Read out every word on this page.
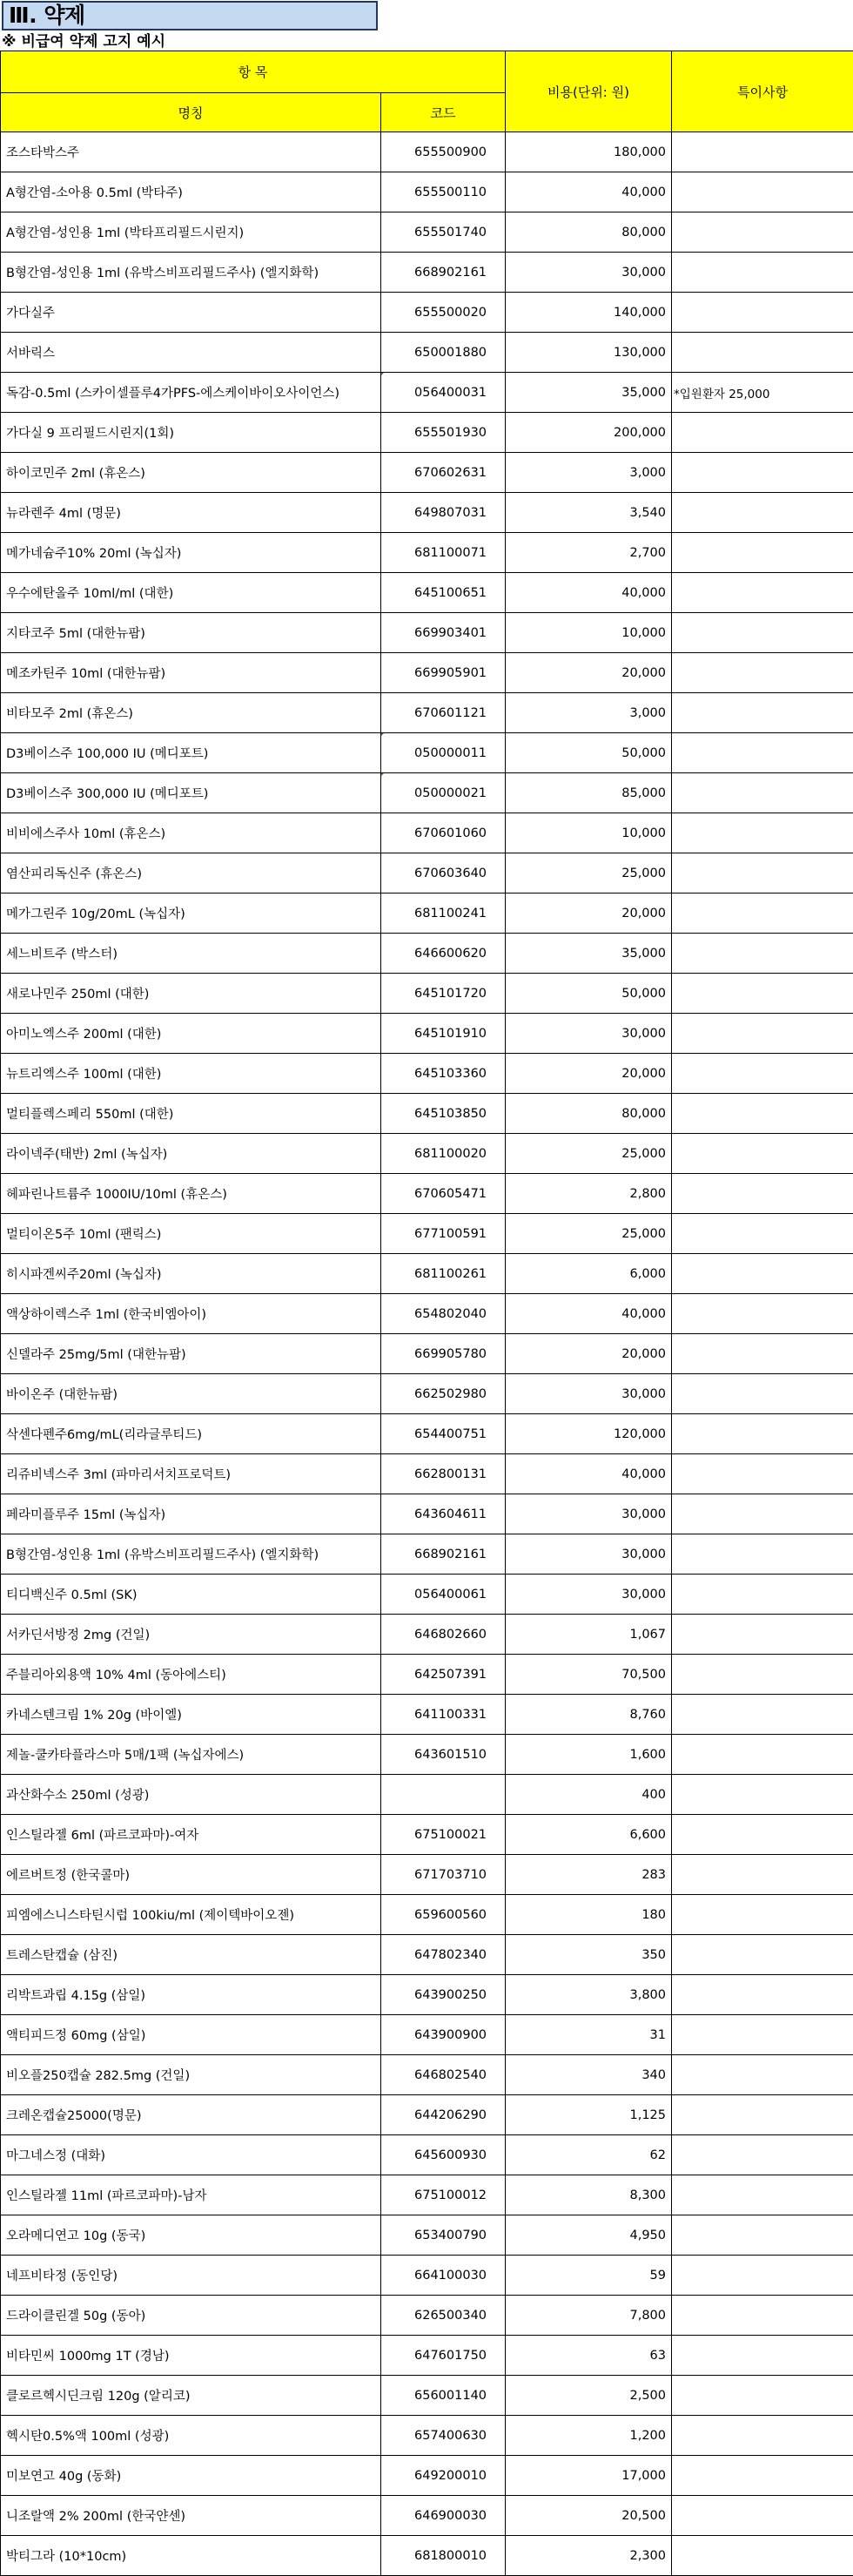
Ⅲ. 약제
※ 비급여 약제 고지 예시
항 목		비용(단위: 원)	특이사항
명칭	코드		
조스타박스주	655500900	180,000	
A형간염-소아용 0.5ml (박타주)	655500110	40,000	
A형간염-성인용 1ml (박타프리필드시린지)	655501740	80,000	
B형간염-성인용 1ml (유박스비프리필드주사) (엘지화학)	668902161	30,000	
가다실주	655500020	140,000	
서바릭스	650001880	130,000	
독감-0.5ml (스카이셀플루4가PFS-에스케이바이오사이언스)	056400031	35,000	*입원환자 25,000
가다실 9 프리필드시린지(1회)	655501930	200,000	
하이코민주 2ml (휴온스)	670602631	3,000	
뉴라렌주 4ml (명문)	649807031	3,540	
메가네슘주10% 20ml (녹십자)	681100071	2,700	
우수에탄올주 10ml/ml (대한)	645100651	40,000	
지타코주 5ml (대한뉴팜)	669903401	10,000	
메조카틴주 10ml (대한뉴팜)	669905901	20,000	
비타모주 2ml (휴온스)	670601121	3,000	
D3베이스주 100,000 IU (메디포트)	050000011	50,000	
D3베이스주 300,000 IU (메디포트)	050000021	85,000	
비비에스주사 10ml (휴온스)	670601060	10,000	
염산피리독신주 (휴온스)	670603640	25,000	
메가그린주 10g/20mL (녹십자)	681100241	20,000	
세느비트주 (박스터)	646600620	35,000	
새로나민주 250ml (대한)	645101720	50,000	
아미노엑스주 200ml (대한)	645101910	30,000	
뉴트리엑스주 100ml (대한)	645103360	20,000	
멀티플렉스페리 550ml (대한)	645103850	80,000	
라이넥주(태반) 2ml (녹십자)	681100020	25,000	
헤파린나트륨주 1000IU/10ml (휴온스)	670605471	2,800	
멀티이온5주 10ml (팬릭스)	677100591	25,000	
히시파겐씨주20ml (녹십자)	681100261	6,000	
액상하이렉스주 1ml (한국비엠아이)	654802040	40,000	
신델라주 25mg/5ml (대한뉴팜)	669905780	20,000	
바이온주 (대한뉴팜)	662502980	30,000	
삭센다펜주6mg/mL(리라글루티드)	654400751	120,000	
리쥬비넥스주 3ml (파마리서치프로덕트)	662800131	40,000	
페라미플루주 15ml (녹십자)	643604611	30,000	
B형간염-성인용 1ml (유박스비프리필드주사) (엘지화학)	668902161	30,000	
티디백신주 0.5ml (SK)	056400061	30,000	
서카딘서방정 2mg (건일)	646802660	1,067	
주블리아외용액 10% 4ml (동아에스티)	642507391	70,500	
카네스텐크림 1% 20g (바이엘)	641100331	8,760	
제놀-쿨카타플라스마 5매/1팩 (녹십자에스)	643601510	1,600	
과산화수소 250ml (성광)		400	
인스틸라젤 6ml (파르코파마)-여자	675100021	6,600	
에르버트정 (한국콜마)	671703710	283	
피엠에스니스타틴시럽 100kiu/ml (제이텍바이오젠)	659600560	180	
트레스탄캡슐 (삼진)	647802340	350	
리박트과립 4.15g (삼일)	643900250	3,800	
액티피드정 60mg (삼일)	643900900	31	
비오플250캡슐 282.5mg (건일)	646802540	340	
크레온캡슐25000(명문)	644206290	1,125	
마그네스정 (대화)	645600930	62	
인스틸라젤 11ml (파르코파마)-남자	675100012	8,300	
오라메디연고 10g (동국)	653400790	4,950	
네프비타정 (동인당)	664100030	59	
드라이클린겔 50g (동아)	626500340	7,800	
비타민씨 1000mg 1T (경남)	647601750	63	
클로르헥시딘크림 120g (알리코)	656001140	2,500	
헥시탄0.5%액 100ml (성광)	657400630	1,200	
미보연고 40g (동화)	649200010	17,000	
니조랄액 2% 200ml (한국얀센)	646900030	20,500	
박티그라 (10*10cm)	681800010	2,300	
